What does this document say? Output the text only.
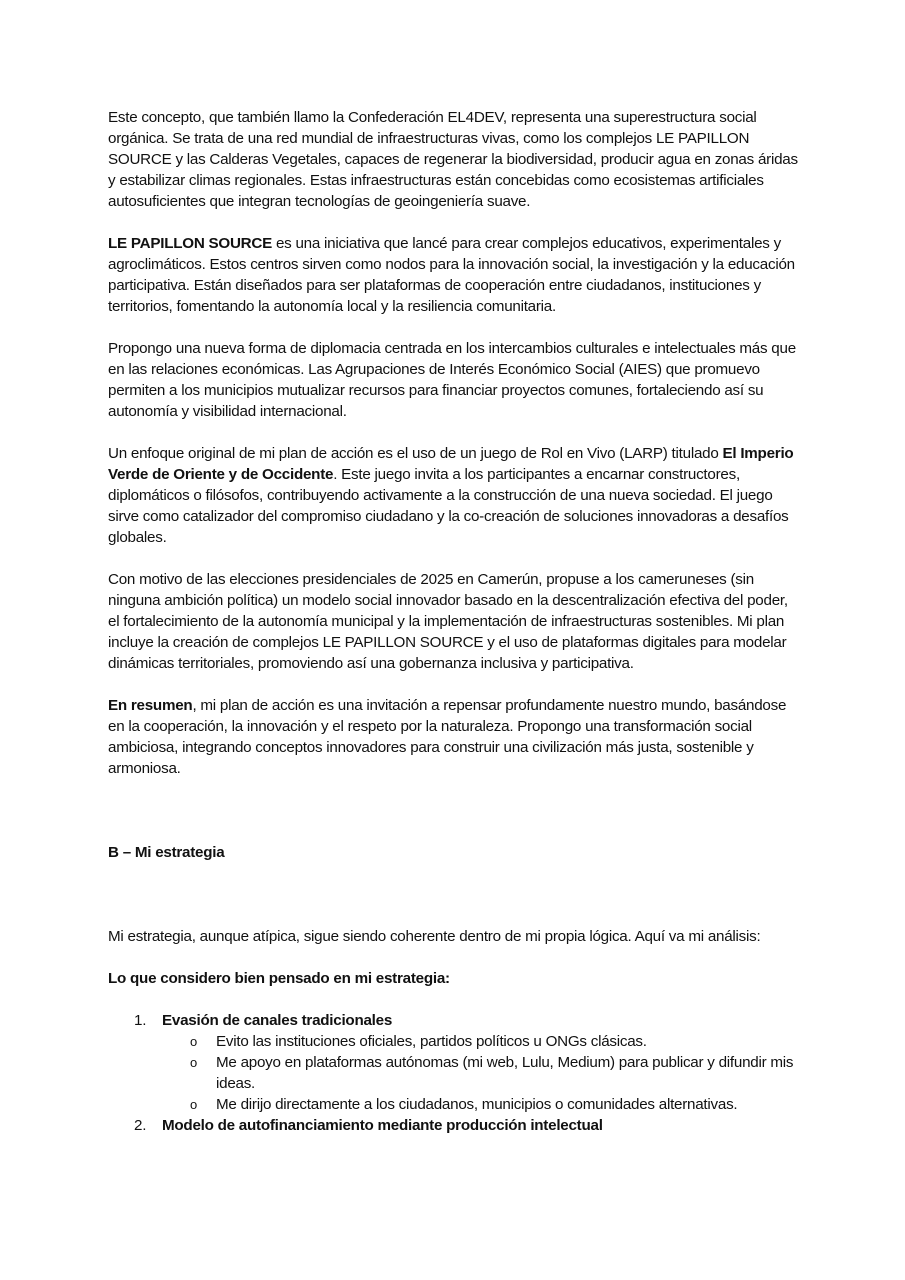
Este concepto, que también llamo la Confederación EL4DEV, representa una superestructura social orgánica. Se trata de una red mundial de infraestructuras vivas, como los complejos LE PAPILLON SOURCE y las Calderas Vegetales, capaces de regenerar la biodiversidad, producir agua en zonas áridas y estabilizar climas regionales. Estas infraestructuras están concebidas como ecosistemas artificiales autosuficientes que integran tecnologías de geoingeniería suave.

LE PAPILLON SOURCE es una iniciativa que lancé para crear complejos educativos, experimentales y agroclimáticos. Estos centros sirven como nodos para la innovación social, la investigación y la educación participativa. Están diseñados para ser plataformas de cooperación entre ciudadanos, instituciones y territorios, fomentando la autonomía local y la resiliencia comunitaria.

Propongo una nueva forma de diplomacia centrada en los intercambios culturales e intelectuales más que en las relaciones económicas. Las Agrupaciones de Interés Económico Social (AIES) que promuevo permiten a los municipios mutualizar recursos para financiar proyectos comunes, fortaleciendo así su autonomía y visibilidad internacional.

Un enfoque original de mi plan de acción es el uso de un juego de Rol en Vivo (LARP) titulado El Imperio Verde de Oriente y de Occidente. Este juego invita a los participantes a encarnar constructores, diplomáticos o filósofos, contribuyendo activamente a la construcción de una nueva sociedad. El juego sirve como catalizador del compromiso ciudadano y la co-creación de soluciones innovadoras a desafíos globales.

Con motivo de las elecciones presidenciales de 2025 en Camerún, propuse a los cameruneses (sin ninguna ambición política) un modelo social innovador basado en la descentralización efectiva del poder, el fortalecimiento de la autonomía municipal y la implementación de infraestructuras sostenibles. Mi plan incluye la creación de complejos LE PAPILLON SOURCE y el uso de plataformas digitales para modelar dinámicas territoriales, promoviendo así una gobernanza inclusiva y participativa.

En resumen, mi plan de acción es una invitación a repensar profundamente nuestro mundo, basándose en la cooperación, la innovación y el respeto por la naturaleza. Propongo una transformación social ambiciosa, integrando conceptos innovadores para construir una civilización más justa, sostenible y armoniosa.

B – Mi estrategia

Mi estrategia, aunque atípica, sigue siendo coherente dentro de mi propia lógica. Aquí va mi análisis:

Lo que considero bien pensado en mi estrategia:
1. Evasión de canales tradicionales
o Evito las instituciones oficiales, partidos políticos u ONGs clásicas.
o Me apoyo en plataformas autónomas (mi web, Lulu, Medium) para publicar y difundir mis ideas.
o Me dirijo directamente a los ciudadanos, municipios o comunidades alternativas.
2. Modelo de autofinanciamiento mediante producción intelectual
